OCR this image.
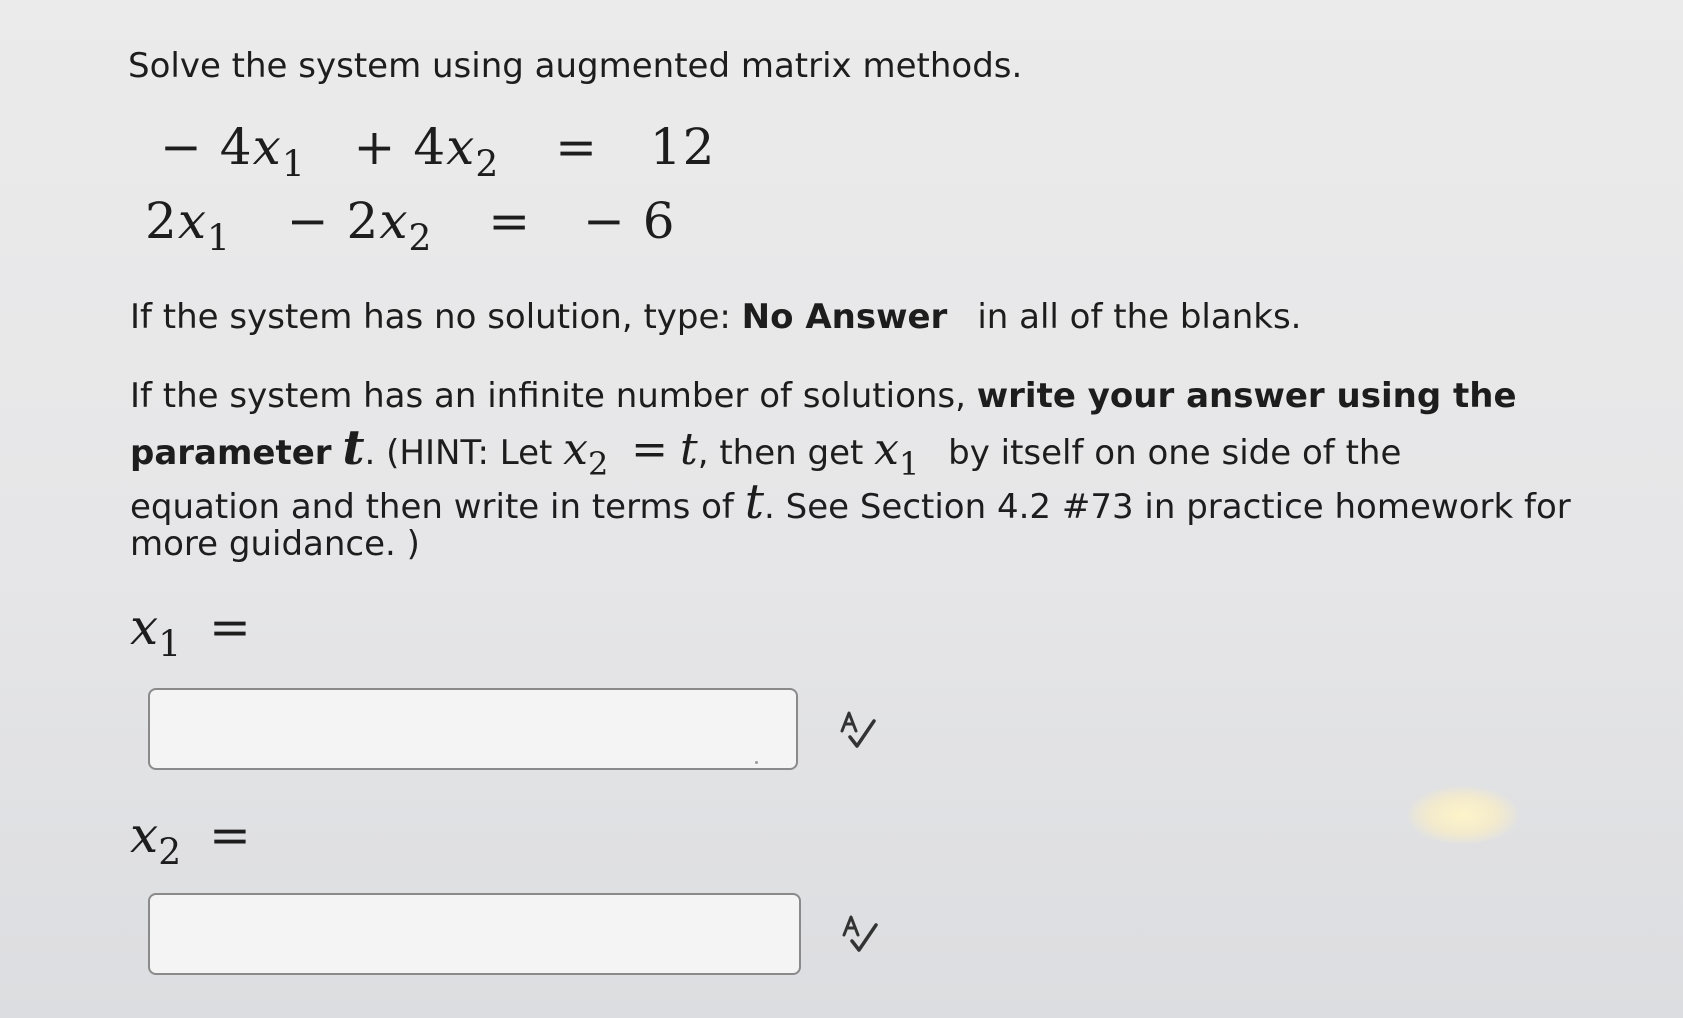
Solve the system using augmented matrix methods.
− $4x_1 + 4x_2 = 12$
$2x_1 - 2x_2$ = − 6
If the system has no solution, type: No Answer in all of the blanks.
If the system has an infinite number of solutions, write your answer using the
parameter t. (HINT: Let x2 = t, then get x1 by itself on one side of the
equation and then write in terms of t. See Section 4.2 #73 in practice homework for
more guidance. )
$x_1$ =
$x_2$ =
